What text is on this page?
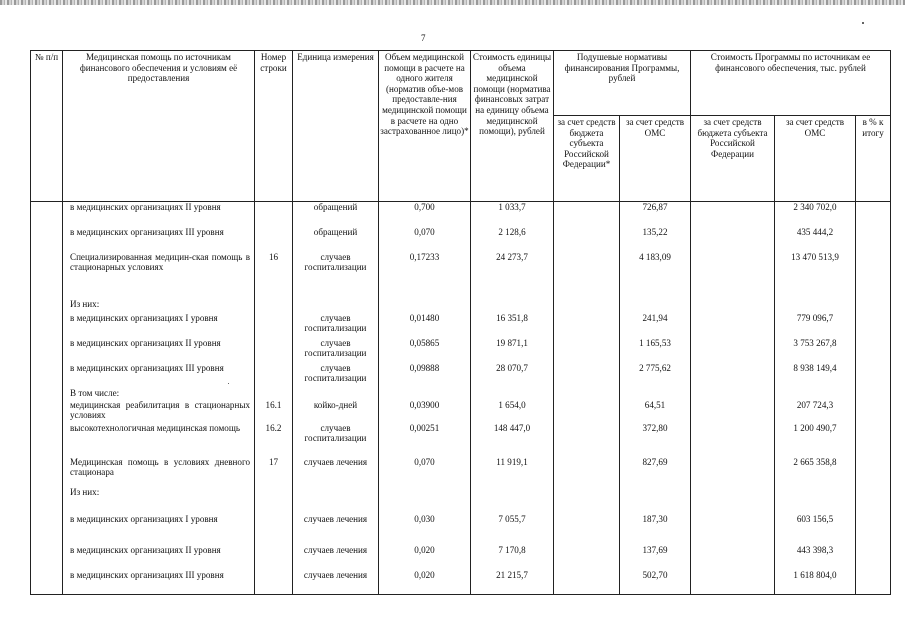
7
№ п/п	Медицинская помощь по источникам финансового обеспечения и условиям её предоставления	Номер строки	Единица измерения	Объем медицинской помощи в расчете на одного жителя (норматив объе-мов предоставле-ния медицинской помощи в расчете на одно застрахованное лицо)*	Стоимость единицы объема медицинской помощи (норматива финансовых затрат на единицу объема медицинской помощи), рублей	Подушевые нормативы финансирования Программы, рублей		Стоимость Программы по источникам ее финансового обеспечения, тыс. рублей		
						за счет средств бюджета субъекта Российской Федерации*	за счет средств ОМС	за счет средств бюджета субъекта Российской Федерации	за счет средств ОМС	в % к итогу
	в медицинских организациях II уровня		обращений	0,700	1 033,7		726,87		2 340 702,0	
	в медицинских организациях III уровня		обращений	0,070	2 128,6		135,22		435 444,2	
	Специализированная медицин-ская помощь в стационарных условиях	16	случаев госпитализации	0,17233	24 273,7		4 183,09		13 470 513,9	
	Из них:									
	в медицинских организациях I уровня		случаев госпитализации	0,01480	16 351,8		241,94		779 096,7	
	в медицинских организациях II уровня		случаев госпитализации	0,05865	19 871,1		1 165,53		3 753 267,8	
	в медицинских организациях III уровня		случаев госпитализации	0,09888	28 070,7		2 775,62		8 938 149,4	
	В том числе:									
	медицинская реабилитация в стационарных условиях	16.1	койко-дней	0,03900	1 654,0		64,51		207 724,3	
	высокотехнологичная медицинская помощь	16.2	случаев госпитализации	0,00251	148 447,0		372,80		1 200 490,7	
	Медицинская помощь в условиях дневного стационара	17	случаев лечения	0,070	11 919,1		827,69		2 665 358,8	
	Из них:									
	в медицинских организациях I уровня		случаев лечения	0,030	7 055,7		187,30		603 156,5	
	в медицинских организациях II уровня		случаев лечения	0,020	7 170,8		137,69		443 398,3	
	в медицинских организациях III уровня		случаев лечения	0,020	21 215,7		502,70		1 618 804,0	
